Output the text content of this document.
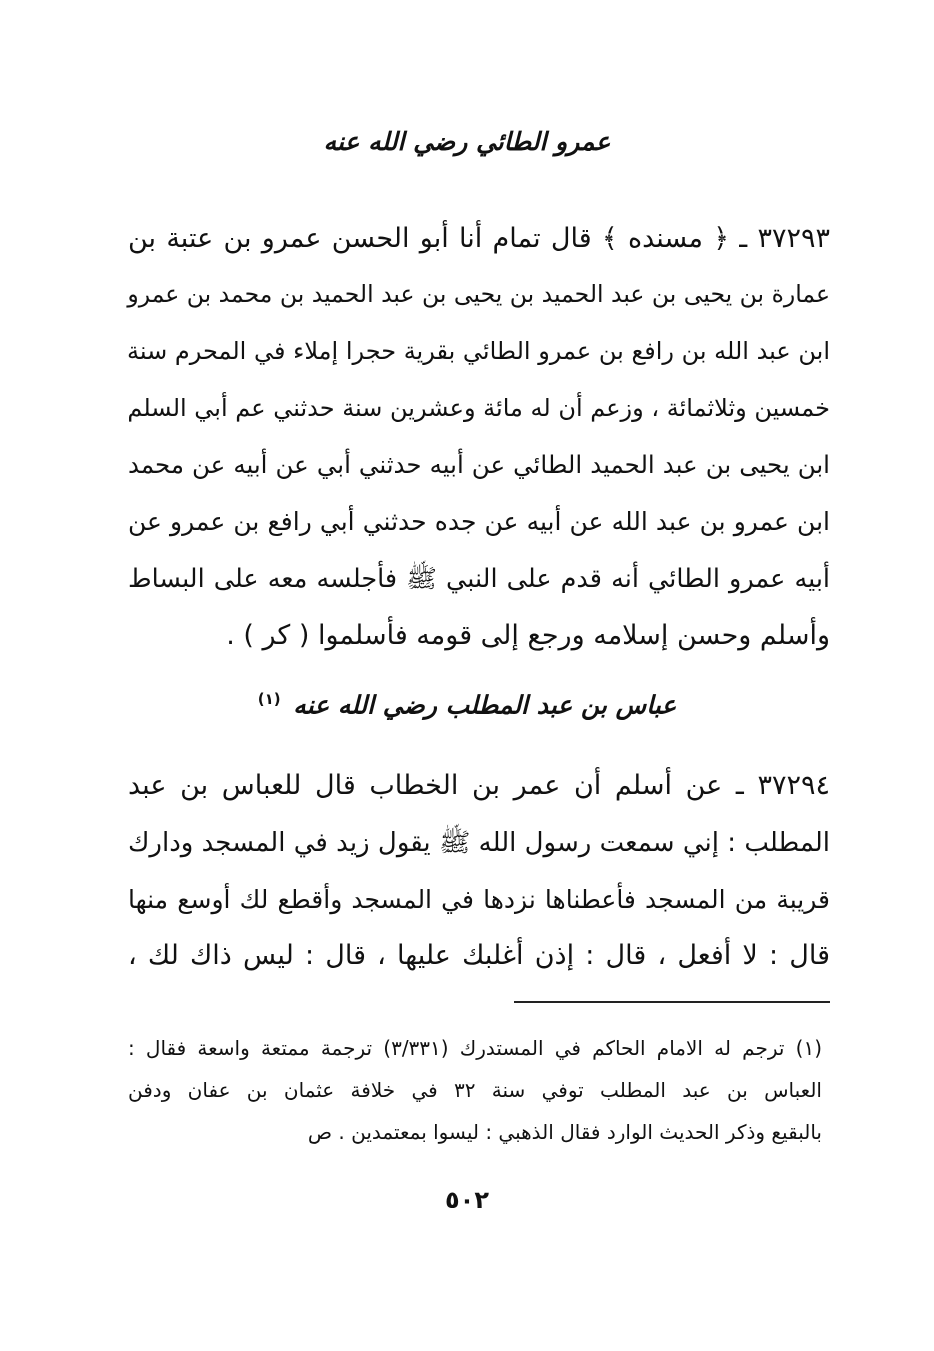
عمرو الطائي رضي الله عنه
٣٧٢٩٣ ـ ﴿ مسنده ﴾ قال تمام أنا أبو الحسن عمرو بن عتبة بن
عمارة بن يحيى بن عبد الحميد بن يحيى بن عبد الحميد بن محمد بن عمرو
ابن عبد الله بن رافع بن عمرو الطائي بقرية حجرا إملاء في المحرم سنة
خمسين وثلاثمائة ، وزعم أن له مائة وعشرين سنة حدثني عم أبي السلم
ابن يحيى بن عبد الحميد الطائي عن أبيه حدثني أبي عن أبيه عن محمد
ابن عمرو بن عبد الله عن أبيه عن جده حدثني أبي رافع بن عمرو عن
أبيه عمرو الطائي أنه قدم على النبي ﷺ فأجلسه معه على البساط
وأسلم وحسن إسلامه ورجع إلى قومه فأسلموا ( كر ) .
عباس بن عبد المطلب رضي الله عنه $^{(١)}$
٣٧٢٩٤ ـ عن أسلم أن عمر بن الخطاب قال للعباس بن عبد
المطلب : إني سمعت رسول الله ﷺ يقول زيد في المسجد ودارك
قريبة من المسجد فأعطناها نزدها في المسجد وأقطع لك أوسع منها
قال : لا أفعل ، قال : إذن أغلبك عليها ، قال : ليس ذاك لك ،
(١) ترجم له الامام الحاكم في المستدرك (٣/٣٣١) ترجمة ممتعة واسعة فقال :
العباس بن عبد المطلب توفي سنة ٣٢ في خلافة عثمان بن عفان ودفن
بالبقيع وذكر الحديث الوارد فقال الذهبي : ليسوا بمعتمدين . ص
٥٠٢
